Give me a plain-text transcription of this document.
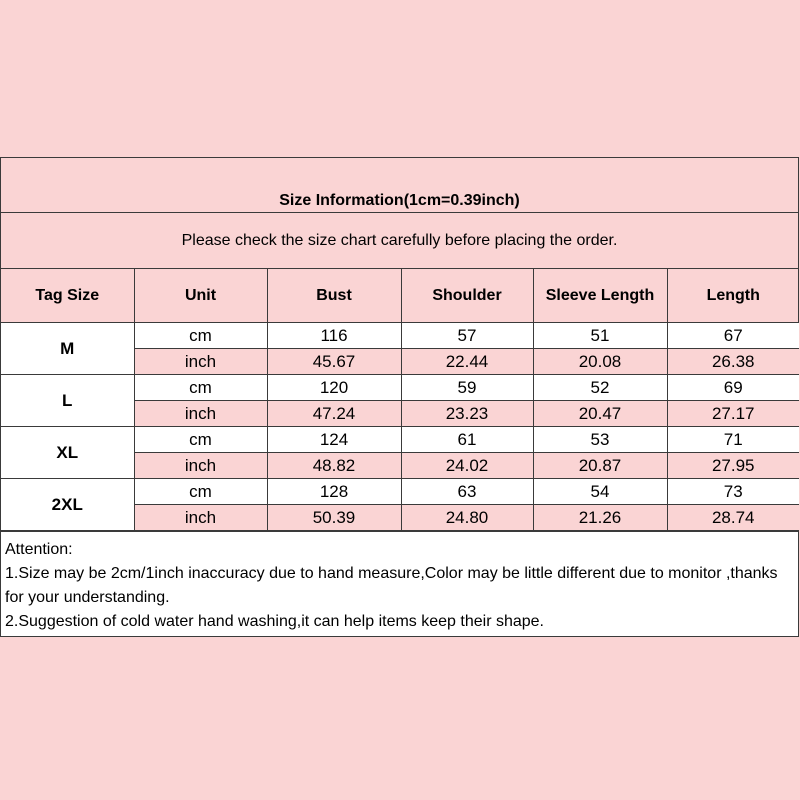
Size Information(1cm=0.39inch)
Please check the size chart carefully before placing the order.
Tag Size	Unit	Bust	Shoulder	Sleeve Length	Length
M	cm	116	57	51	67
	inch	45.67	22.44	20.08	26.38
L	cm	120	59	52	69
	inch	47.24	23.23	20.47	27.17
XL	cm	124	61	53	71
	inch	48.82	24.02	20.87	27.95
2XL	cm	128	63	54	73
	inch	50.39	24.80	21.26	28.74
Attention:
1.Size may be 2cm/1inch inaccuracy due to hand measure,Color may be little different due to monitor ,thanks for your understanding.
2.Suggestion of cold water hand washing,it can help items keep their shape.
